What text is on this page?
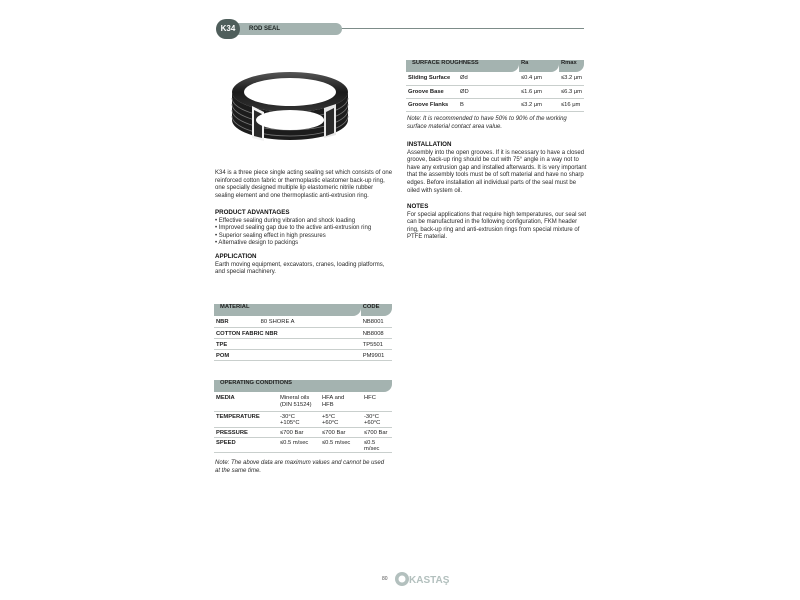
ROD SEAL
K34
K34 is a three piece single acting sealing set which consists of one reinforced cotton fabric or thermoplastic elastomer back-up ring, one specially designed multiple lip elastomeric nitrile rubber sealing element and one thermoplastic anti-extrusion ring.
PRODUCT ADVANTAGES
• Effective sealing during vibration and shock loading
• Improved sealing gap due to the active anti-extrusion ring
• Superior sealing effect in high pressures
• Alternative design to packings
APPLICATION
Earth moving equipment, excavators, cranes, loading platforms, and special machinery.
MATERIAL		CODE
NBR	80 SHORE A	NB8001
COTTON FABRIC NBR		NB8008
TPE		TP5501
POM		PM9901
OPERATING CONDITIONS			
MEDIA	Mineral oils	HFA and	HFC
	(DIN 51524)	HFB	
TEMPERATURE	-30°C	+5°C	-30°C
	+105°C	+60°C	+60°C
PRESSURE	≤700 Bar	≤700 Bar	≤700 Bar
SPEED	≤0.5 m/sec	≤0.5 m/sec	≤0.5 m/sec
Note: The above data are maximum values and cannot be used at the same time.
SURFACE ROUGHNESS		Ra	Rmax
Sliding Surface	Ød	≤0.4 μm	≤3.2 μm
Groove Base	ØD	≤1.6 μm	≤6.3 μm
Groove Flanks	B	≤3.2 μm	≤16 μm
Note: It is recommended to have 50% to 90% of the working surface material contact area value.
INSTALLATION
Assembly into the open grooves. If it is necessary to have a closed groove, back-up ring should be cut with 75° angle in a way not to have any extrusion gap and installed afterwards. It is very important that the assembly tools must be of soft material and have no sharp edges. Before installation all individual parts of the seal must be oiled with system oil.
NOTES
For special applications that require high temperatures, our seal set can be manufactured in the following configuration, FKM header ring, back-up ring and anti-extrusion rings from special mixture of PTFE material.
80 KASTAŞ
